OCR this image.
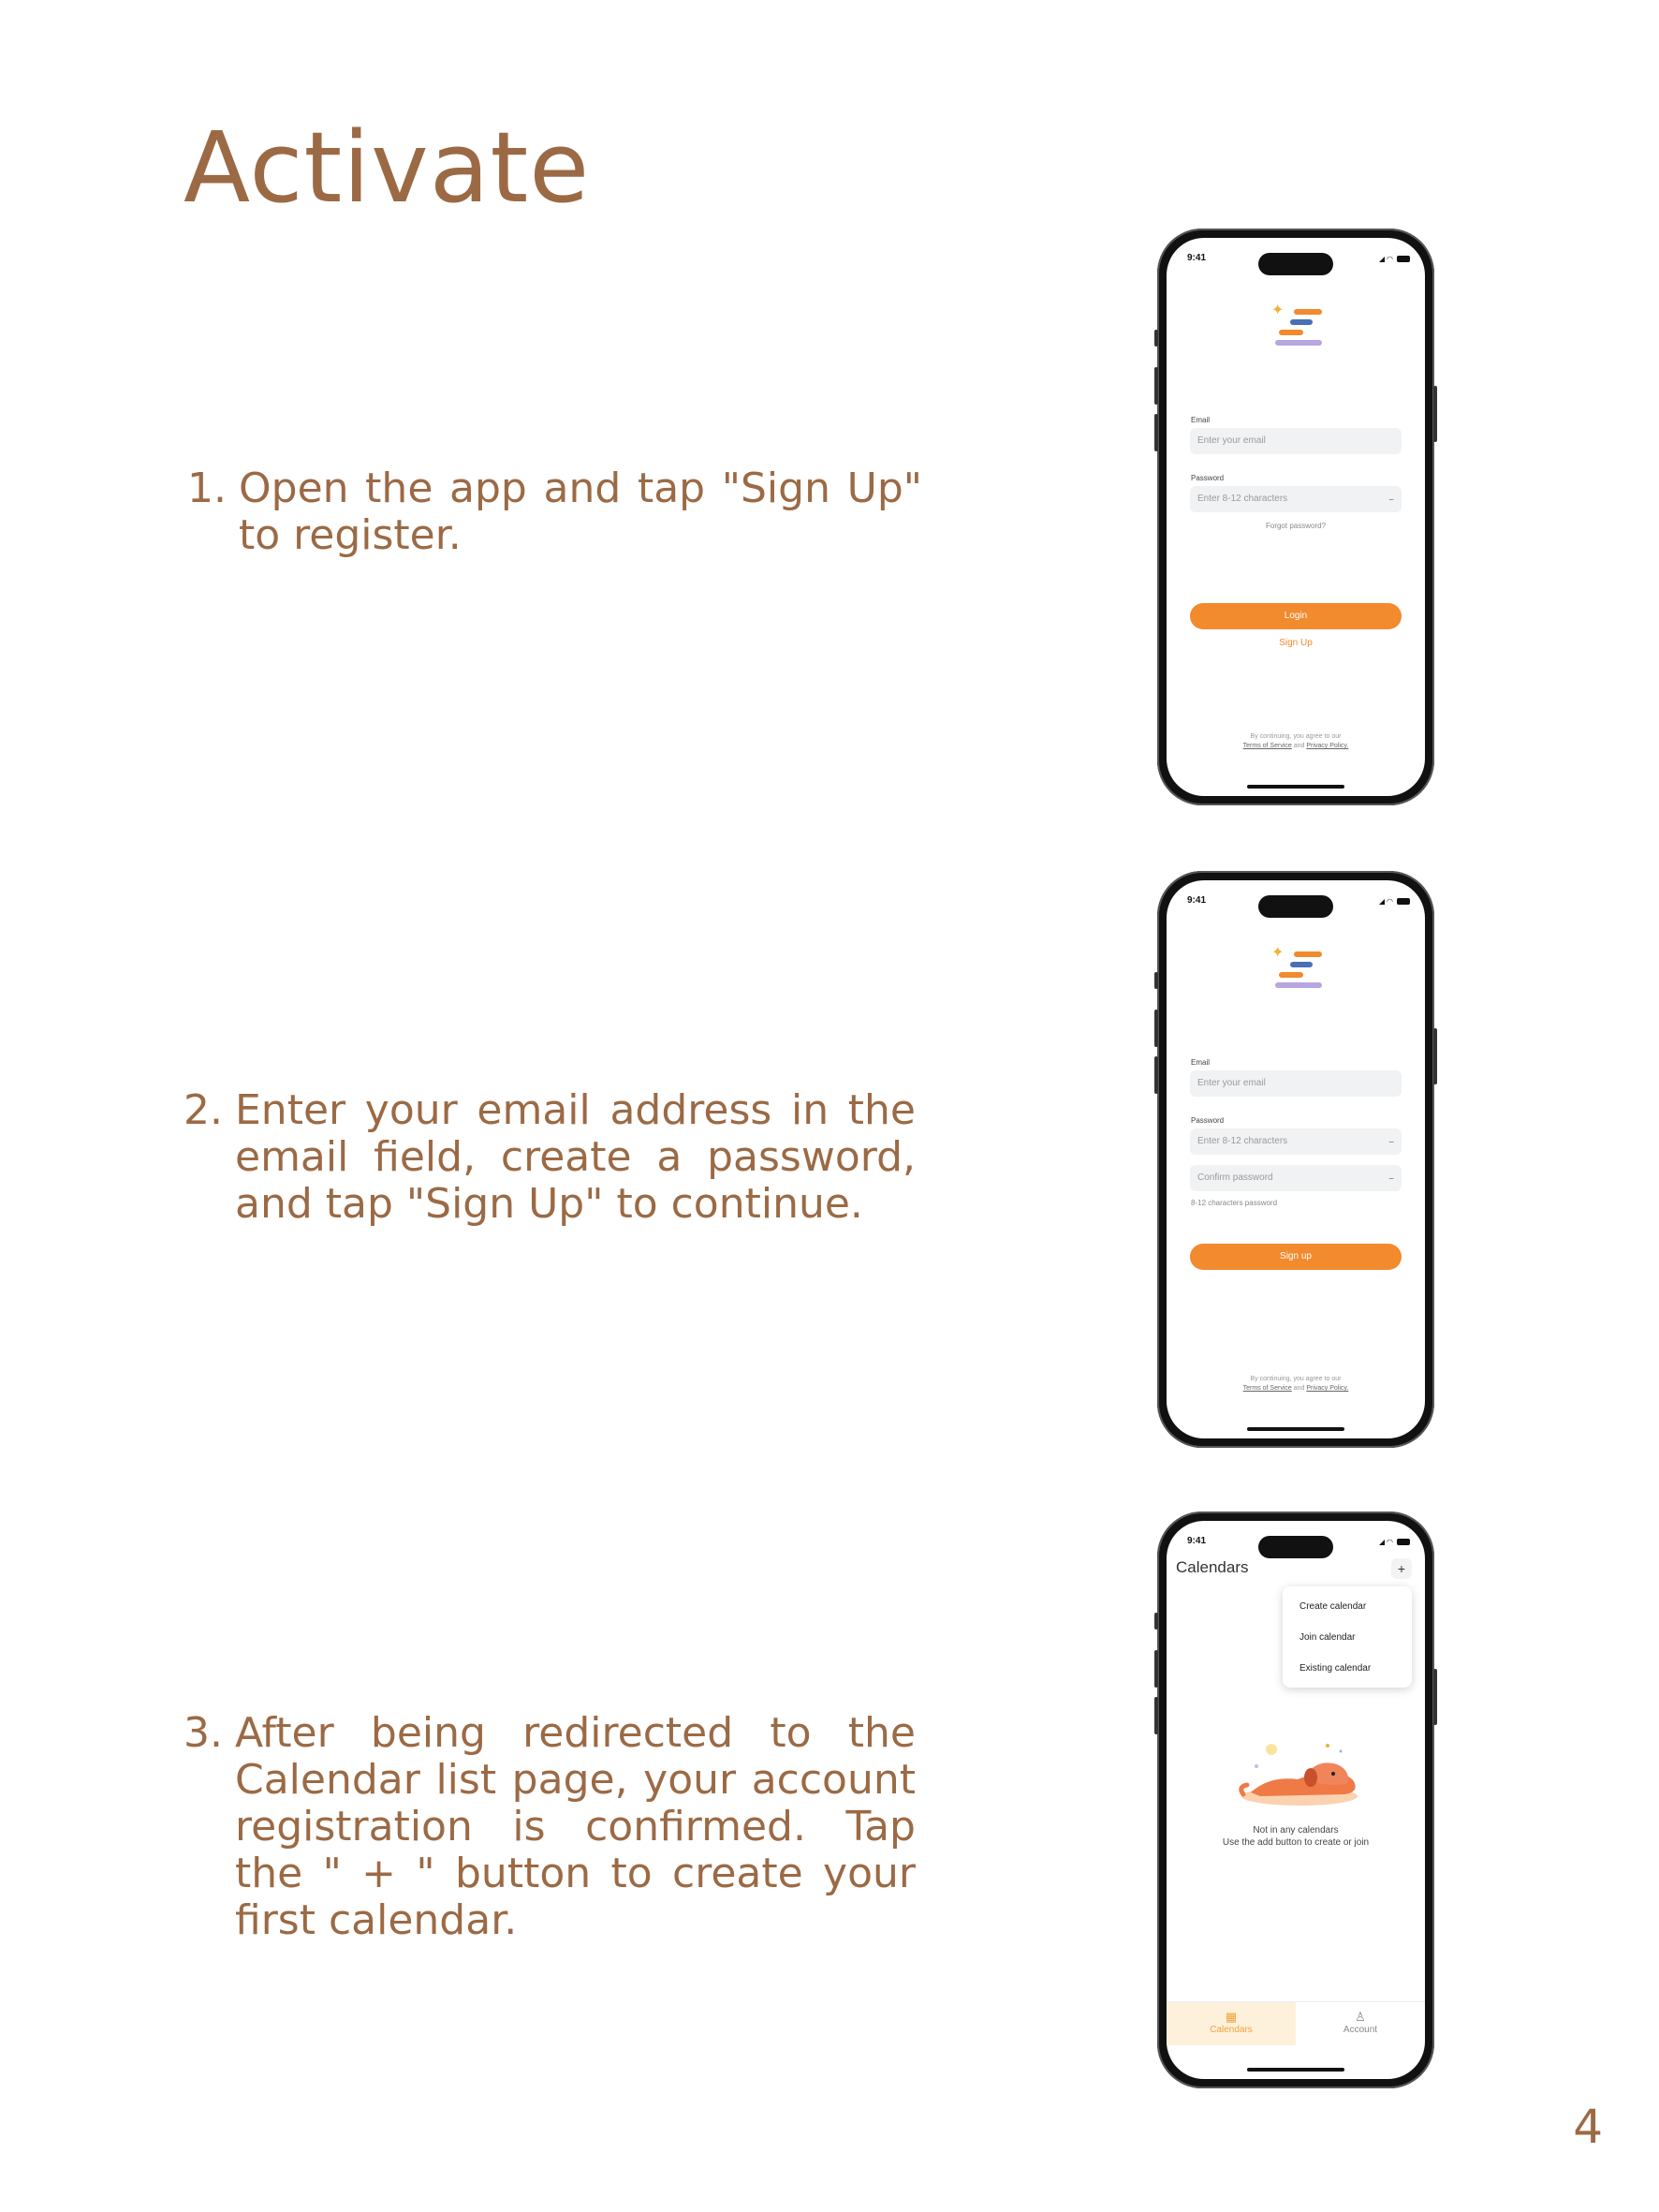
Activate
1. Open the app and tap "Sign Up" to register.
2. Enter your email address in the email field, create a password, and tap "Sign Up" to continue.
3. After being redirected to the Calendar list page, your account registration is confirmed. Tap the " + " button to create your first calendar.
9:41	◠
✦
Email
Enter your email
Password
Enter 8-12 characters	⌣
Forgot password?
Login
Sign Up
By continuing, you agree to our
Terms of Service and Privacy Policy.
9:41	◠
✦
Email
Enter your email
Password
Enter 8-12 characters	⌣
Confirm password	⌣
8-12 characters password
Sign up
By continuing, you agree to our
Terms of Service and Privacy Policy.
9:41	◠
Calendars	+
Create calendar
Join calendar
Existing calendar
Not in any calendars
Use the add button to create or join
▦
Calendars
♙
Account
4
